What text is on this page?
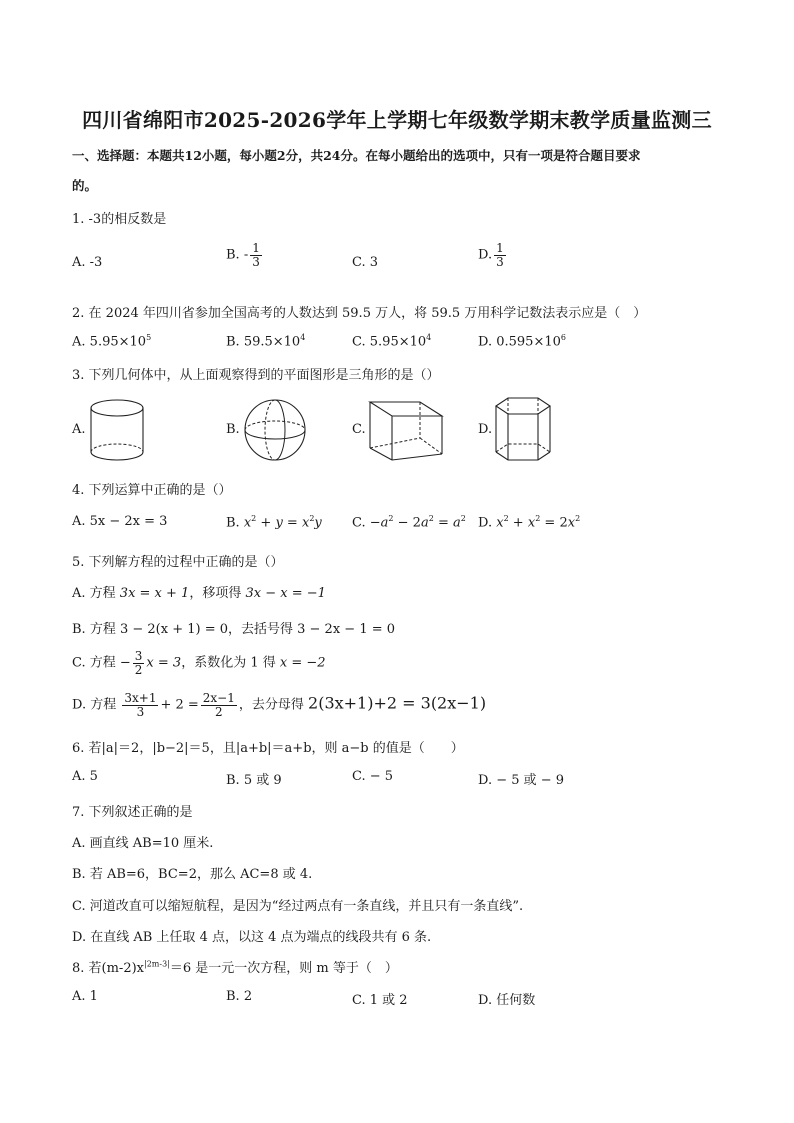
四川省绵阳市2025-2026学年上学期七年级数学期末教学质量监测三
一、选择题：本题共12小题，每小题2分，共24分。在每小题给出的选项中，只有一项是符合题目要求
的。
1. -3的相反数是
A. -3	B. - $\frac{1}{3}$	C. 3	D. $\frac{1}{3}$
2. 在 2024 年四川省参加全国高考的人数达到 59.5 万人，将 59.5 万用科学记数法表示应是（　）
A. $5.95\times 10^5$	B. $59.5\times 10^4$	C. $5.95\times 10^4$	D. $0.595\times 10^6$
3. 下列几何体中，从上面观察得到的平面图形是三角形的是（）
A.	B.	C.	D.
4. 下列运算中正确的是（）
A. 5x − 2x = 3	B. $x^2 + y = x^2y$ C. $-a^2 - 2a^2 = a^2$ D. $x^2 + x^2 = 2x^2$
5. 下列解方程的过程中正确的是（）
A. 方程 3x = x + 1，移项得 3x − x = −1
B. 方程 3 − 2(x + 1) = 0，去括号得 3 − 2x − 1 = 0
C. 方程 − $\frac{3}{2}$ x = 3，系数化为 1 得 x = −2
D. 方程 $\frac{3x+1}{3} + 2 = \frac{2x-1}{2}$ ，去分母得 2(3x+1)+2 = 3(2x−1)
6. 若|a|＝2，|b−2|＝5，且|a+b|＝a+b，则 a−b 的值是（　　）
A. 5	B. 5 或 9	C. − 5	D. − 5 或 − 9
7. 下列叙述正确的是
A. 画直线 AB=10 厘米.
B. 若 AB=6，BC=2，那么 AC=8 或 4.
C. 河道改直可以缩短航程，是因为“经过两点有一条直线，并且只有一条直线”.
D. 在直线 AB 上任取 4 点，以这 4 点为端点的线段共有 6 条.
8. 若$(m-2)x^{|2m-3|}=6$ 是一元一次方程，则 m 等于（　）
A. 1	B. 2	C. 1 或 2	D. 任何数
